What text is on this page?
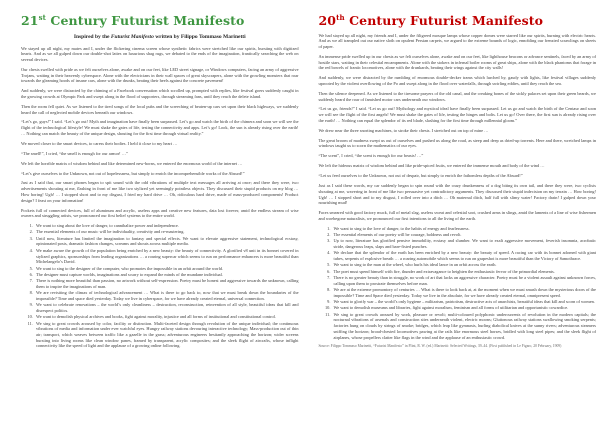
21st Century Futurist Manifesto
Inspired by the Futurist Manifesto written by Filippo Tommaso Marinetti

We stayed up all night, my mates and I, under the flickering cinema screen whose synthetic fabrics were stretched like our spirits, bursting with digitized hearts. And as we all gulped down our double-shot lattes on luxurious shag rugs, we debated to the ends of the imagination, frantically searching the web on several devices.

Our chests swelled with pride as we felt ourselves alone, awake and on our feet, like LED street signage, or Windows computers, facing an army of aggressive Trojans, waiting in their heavenly cyberspace. Alone with the electricians in their wall spaces of great skyscrapers, alone with the growling monsters that roar towards the gleaming hoods of insane cars, alone with the drunks, beating their heels against the concrete pavement!

And suddenly, we were distracted by the chiming of a Facebook conversation which scrolled up, prompted with replies, like festival goers suddenly caught in the growing crowds at Olympic Park and swept along in the flood of supporters, through streaming fans, until they reach the delete island.

Then the room fell quiet. As we listened to the tired songs of the local pubs and the screeching of beaten-up cars set upon their black highways, we suddenly heard the call of neglected mobile devices beneath our windows.

“Let’s go, guys!” I said. “Let’s go out! Myth and imagination have finally been surpassed. Let’s go and watch the birth of the chimera and soon we will see the flight of the technological lifestyle! We must shake the gates of life, testing the connectivity and apps. Let’s go! Look, the sun is already rising over the earth! … Nothing can match the beauty of the unique design, shouting for the first time through virtual reality.”

We moved closer to the smart devices, to caress their bodies. I held it close to my heart …

“The smell!”, I cried, “the smell is enough for our armor! …”

We left the horrible matrix of wisdom behind and like determined new-borns, we entered the enormous world of the internet …

“Let’s give ourselves to the Unknown, not out of hopelessness, but simply to enrich the incomprehensible works of the Absurd!”

Just as I said that, our smart phones began to spit sound with the odd vibrations of multiple text messages all arriving at once; and there they were, two advertisements shouting at me, flashing in front of me like two stylized yet seemingly pointless objects. They discussed their stupid products on my blog … How boring! Ugh! … I stopped short and to my disgust, I fried my hard drive … Oh, ridiculous hard drive, made of mass-produced components! Product design? I feast on your information!

Pockets full of connected devices, full of aluminum and acrylic, useless apps and creative new features, data lost forever, amid the endless stream of wise owners and struggling artists, we pronounced our first belief systems to the entire world.

1. We want to sing about the love of danger, to cannibalize power and independence.
2. The essential elements of our music will be individuality, creativity and re-mastering.
3. Until now, literature has limited the imagination to fantasy and special effects. We want to elevate aggressive statement, technological ecstasy, opinionated posts, dramatic fashion changes, screams and shouts across multiple media.
4. We make aware the growth of the population being enriched by a new beauty: the beauty of connectivity. A glorified v8 unit in its bonnet covered in stylized graphics, sponsorships from leading organizations … a roaring supercar which seems to run on performance enhancers is more beautiful than Michelangelo’s David.
5. We want to sing to the designer of the computer, who promotes the impossible in an orbit around the world.
6. The designer must capture worlds, imaginations and scurry to expand the minds of the mundane individual.
7. There is nothing more beautiful than passion, no artwork without self-expression. Poetry must be honest and aggressive towards the unknown, calling them to inspire the imaginations of man.
8. We are revisiting the climax of technological advancement … What is there to go back to, now that we must break down the boundaries of the impossible? Time and space died yesterday. Today we live in cyberspace, for we have already created eternal, universal connection.
9. We want to celebrate renovations – the world’s only cleanliness – destruction, reconstruction, reinvention of all style, beautiful ideas that kill and disrespect politics.
10. We want to demolish physical archives and books, fight against morality, injustice and all forms of institutional and constitutional control.
11. We sing to great crowds aroused by color, facility or distinction. Multi-faceted design through revolution of the unique individual; the continuous vibrations of media and information under ever watchful eyes. Hungry railway stations devouring interactive technology; Mass-production out of thin air; transport, which weaves between traffic like a gazelle in the grass; adventurous engineers hesitantly approaching the horizon; wider screens bursting into living rooms like clean window panes, framed by transparent, acrylic composites; and the sleek flight of aircrafts, whose inflight connectivity like the speed of light and the applause of a growing online following.
20th Century Futurist Manifesto

We had stayed up all night, my friends and I, under the filigreed mosque lamps whose copper domes were starred like our spirits, burning with electric hearts. And as we all trampled out our native sloth on opulent Persian carpets, we argued to the extreme bounds of logic, ennobling our frenzied scrawlings on sheets of paper.

An immense pride swelled up in our chests as we felt ourselves alone, awake and on our feet, like lighthouse beacons or advance sentinels, faced by an army of hostile stars, waiting in their celestial encampments. Alone with the stokers in infernal boiler rooms of great ships, alone with the black phantoms that forage in the red bowels of frantic locomotives, alone with the drunkards, beating their wings against the city walls!

And suddenly, we were distracted by the rumbling of enormous double-decker trams which lurched by, gaudy with lights, like festival villages suddenly uprooted by the violent overflowing of the Po and swept along in the flood over waterfalls, through swirling eddies, until they reach the sea.

Then the silence deepened. As we listened to the tiresome prayers of the old canal, and the creaking bones of the sickly palaces set upon their green beards, we suddenly heard the roar of famished motor cars underneath our windows.

“Let us go, friends!” I said. “Let us go out! Mythology and mystical ideal have finally been surpassed. Let us go and watch the birth of the Centaur and soon we will see the flight of the first angels! We must shake the gates of life, testing the hinges and bolts. Let us go! Over there, the first sun is already rising over the earth! … Nothing can equal the splendor of its red blade, slashing for the first time through millennial gloom.”

We drew near the three snorting machines, to stroke their chests. I stretched out on top of mine …

The great broom of madness swept us out of ourselves and pushed us along the road, as steep and deep as dried-up torrents. Here and there, wretched lamps in windows taught us to scorn the mathematics of our eyes.

“The scent”, I cried, “the scent is enough for our beasts! …”

We left the hideous matrix of wisdom behind and like pride-spiced fruits, we entered the immense mouth and body of the wind …

“Let us feed ourselves to the Unknown, not out of despair, but simply to enrich the fathomless depths of the Absurd!”

Just as I said these words, my car suddenly began to spin round with the crazy drunkenness of a dog biting its own tail, and there they were, two cyclists shouting at me, wavering in front of me like two persuasive yet contradictory arguments. They discussed their stupid indecision on my terrain … How boring! Ugh! … I stopped short and to my disgust, I rolled over into a ditch … Oh maternal ditch, half full with slimy water! Factory drain! I gulped down your nourishing mud!

Faces smeared with good factory muck, full of metal slag, useless sweat and celestial soot, crushed arms in slings, amid the laments of a line of wise fishermen and woebegone naturalists, we pronounced our first intentions to all the living of the earth.

1. We want to sing to the love of danger, to the habits of energy and fearlessness.
2. The essential elements of our poetry will be courage, boldness and revolt.
3. Up to now, literature has glorified pensive immobility, ecstasy and slumber. We want to exalt aggressive movement, feverish insomnia, acrobatic stride, dangerous leaps, slaps and bare-fisted punches.
4. We declare that the splendor of the earth has been enriched by a new beauty: the beauty of speed. A racing car with its bonnet adorned with giant tubes, serpents of explosive breath … a roaring automobile which seems to run on grapeshot is more beautiful than the Victory of Samothrace.
5. We want to sing to the man at the wheel, who hurls his ideal lance in an orbit across the earth.
6. The poet must spend himself with fire, thunder and extravagance to heighten the enthusiastic fervor of the primordial elements.
7. There is no greater beauty than in struggle, no work of art that lacks an aggressive character. Poetry must be a violent assault against unknown forces, calling upon them to prostrate themselves before man.
8. We are at the extreme promontory of centuries … What is there to look back at, at the moment when we must smash down the mysterious doors of the impossible? Time and Space died yesterday. Today we live in the absolute, for we have already created eternal, omnipresent speed.
9. We want to glorify war – the world’s only hygiene – militarism, patriotism, destructive acts of anarchists, beautiful ideas that kill and scorn of women.
10. We want to demolish museums and libraries, fight against moralism, feminism and all forms of utilitarian and opportunistic cowardice.
11. We sing to great crowds aroused by work, pleasure or revolt; multi-coloured polyphonic undercurrents of revolution in the modern capitals; the nocturnal vibrations of arsenals and construction sites underneath violent, electric moons; Gluttonous railway stations swallowing smoking serpents; factories hung on clouds by strings of smoke; bridges, which leap like gymnasts, hurling diabolical knives at the sunny rivers; adventurous steamers sniffing the horizon; broad-chested locomotives pawing at the rails like enormous steel horses, bridled with long steel pipes; and the sleek flight of airplanes, whose propellers clatter like flags in the wind and the applause of an enthusiastic crowd.
Source: Filippo Tommaso Marinetti, “Futurist Manifesto” in Flint, R. W. (ed.) Marinetti: Selected Writings, 39–44. (First published in Le Figaro, 20 February, 1909)
